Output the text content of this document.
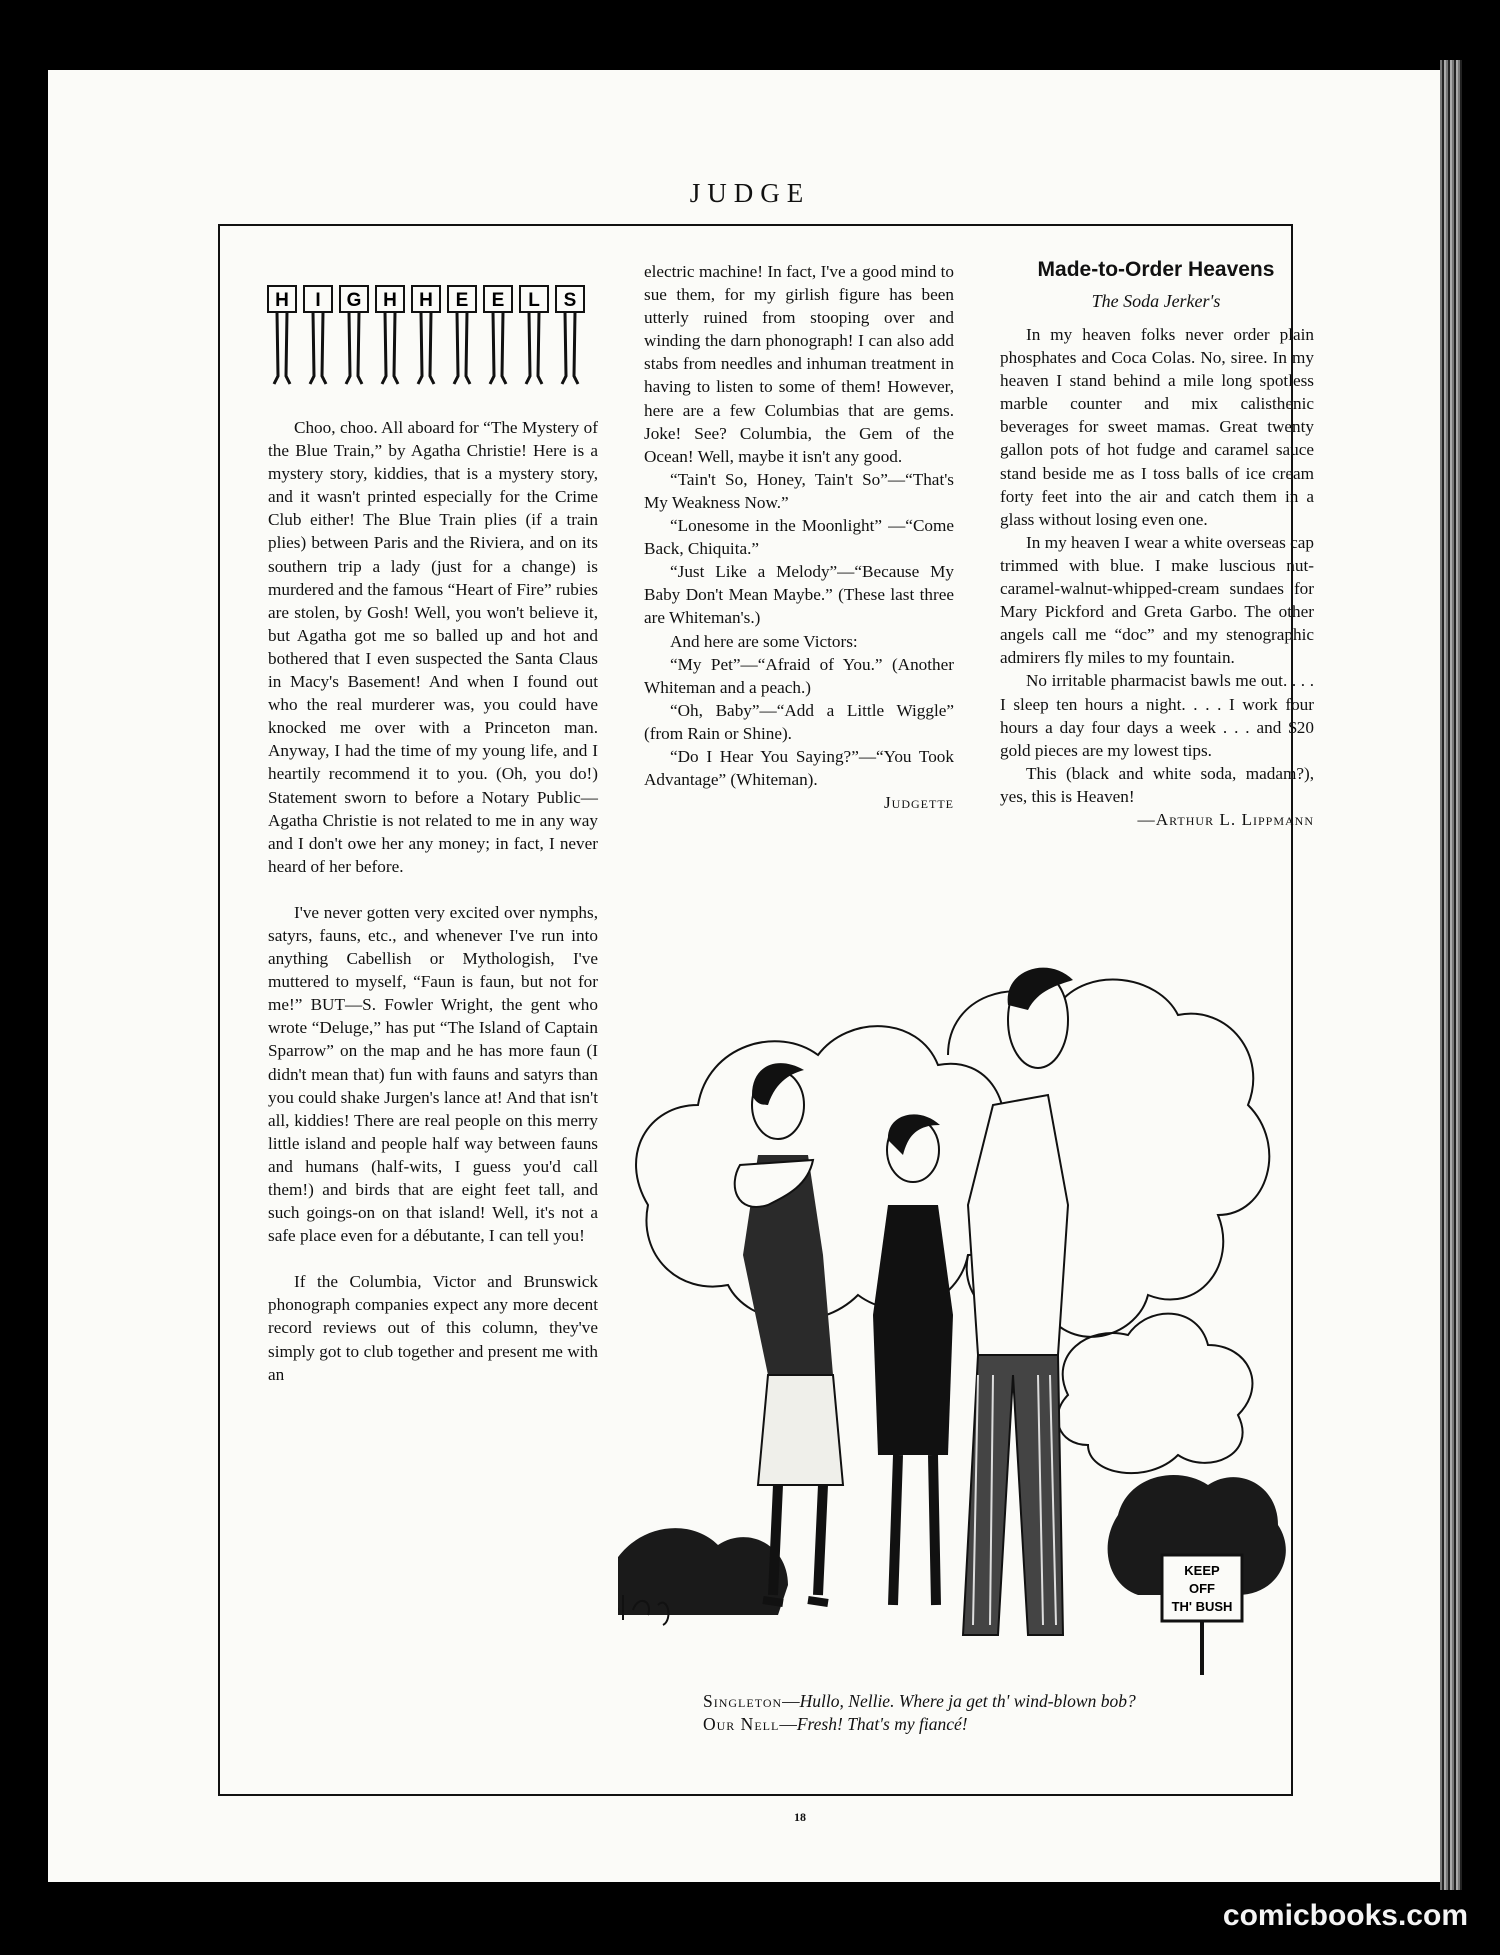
JUDGE
H I G H H E E L S

Choo, choo. All aboard for “The Mystery of the Blue Train,” by Agatha Christie! Here is a mystery story, kiddies, that is a mystery story, and it wasn't printed especially for the Crime Club either! The Blue Train plies (if a train plies) between Paris and the Riviera, and on its southern trip a lady (just for a change) is murdered and the famous “Heart of Fire” rubies are stolen, by Gosh! Well, you won't believe it, but Agatha got me so balled up and hot and bothered that I even suspected the Santa Claus in Macy's Basement! And when I found out who the real murderer was, you could have knocked me over with a Princeton man. Anyway, I had the time of my young life, and I heartily recommend it to you. (Oh, you do!) Statement sworn to before a Notary Public—Agatha Christie is not related to me in any way and I don't owe her any money; in fact, I never heard of her before.

I've never gotten very excited over nymphs, satyrs, fauns, etc., and whenever I've run into anything Cabellish or Mythologish, I've muttered to myself, “Faun is faun, but not for me!” BUT—S. Fowler Wright, the gent who wrote “Deluge,” has put “The Island of Captain Sparrow” on the map and he has more faun (I didn't mean that) fun with fauns and satyrs than you could shake Jurgen's lance at! And that isn't all, kiddies! There are real people on this merry little island and people half way between fauns and humans (half-wits, I guess you'd call them!) and birds that are eight feet tall, and such goings-on on that island! Well, it's not a safe place even for a débutante, I can tell you!

If the Columbia, Victor and Brunswick phonograph companies expect any more decent record reviews out of this column, they've simply got to club together and present me with an

electric machine! In fact, I've a good mind to sue them, for my girlish figure has been utterly ruined from stooping over and winding the darn phonograph! I can also add stabs from needles and inhuman treatment in having to listen to some of them! However, here are a few Columbias that are gems. Joke! See? Columbia, the Gem of the Ocean! Well, maybe it isn't any good.

“Tain't So, Honey, Tain't So”—“That's My Weakness Now.”

“Lonesome in the Moonlight” —“Come Back, Chiquita.”

“Just Like a Melody”—“Because My Baby Don't Mean Maybe.” (These last three are Whiteman's.)

And here are some Victors:

“My Pet”—“Afraid of You.” (Another Whiteman and a peach.)

“Oh, Baby”—“Add a Little Wiggle” (from Rain or Shine).

“Do I Hear You Saying?”—“You Took Advantage” (Whiteman).

Judgette
Made-to-Order Heavens
The Soda Jerker's

In my heaven folks never order plain phosphates and Coca Colas. No, siree. In my heaven I stand behind a mile long spotless marble counter and mix calisthenic beverages for sweet mamas. Great twenty gallon pots of hot fudge and caramel sauce stand beside me as I toss balls of ice cream forty feet into the air and catch them in a glass without losing even one.

In my heaven I wear a white overseas cap trimmed with blue. I make luscious nut-caramel-walnut-whipped-cream sundaes for Mary Pickford and Greta Garbo. The other angels call me “doc” and my stenographic admirers fly miles to my fountain.

No irritable pharmacist bawls me out. . . . I sleep ten hours a night. . . . I work four hours a day four days a week . . . and $20 gold pieces are my lowest tips.

This (black and white soda, madam?), yes, this is Heaven!

—Arthur L. Lippmann
KEEP
OFF
TH' BUSH
Singleton—Hullo, Nellie. Where ja get th' wind-blown bob?
Our Nell—Fresh! That's my fiancé!
18
comicbooks.com
